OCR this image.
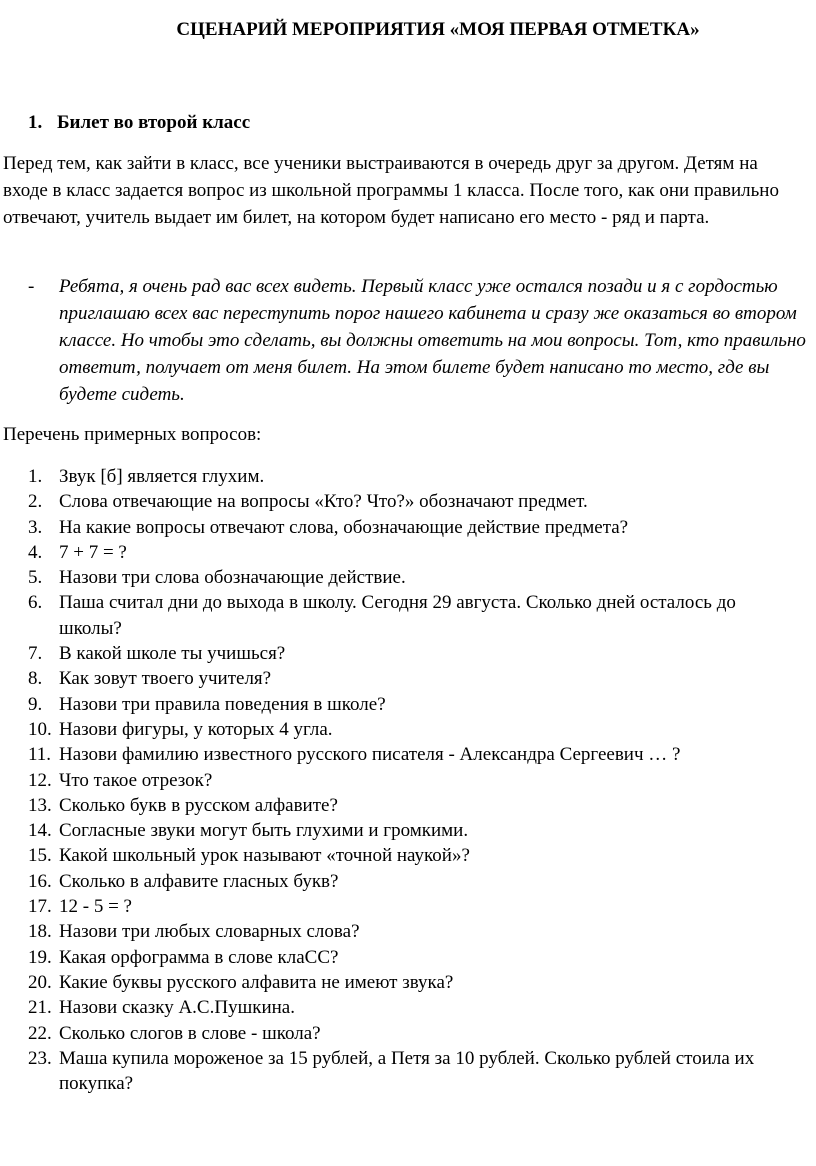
СЦЕНАРИЙ МЕРОПРИЯТИЯ «МОЯ ПЕРВАЯ ОТМЕТКА»
1. Билет во второй класс

Перед тем, как зайти в класс, все ученики выстраиваются в очередь друг за другом. Детям на входе в класс задается вопрос из школьной программы 1 класса. После того, как они правильно отвечают, учитель выдает им билет, на котором будет написано его место - ряд и парта.

-	Ребята, я очень рад вас всех видеть. Первый класс уже остался позади и я с гордостью приглашаю всех вас переступить порог нашего кабинета и сразу же оказаться во втором классе. Но чтобы это сделать, вы должны ответить на мои вопросы. Тот, кто правильно ответит, получает от меня билет. На этом билете будет написано то место, где вы будете сидеть.
Перечень примерных вопросов:
1. Звук [б] является глухим.
2. Слова отвечающие на вопросы «Кто? Что?» обозначают предмет.
3. На какие вопросы отвечают слова, обозначающие действие предмета?
4. 7 + 7 = ?
5. Назови три слова обозначающие действие.
6. Паша считал дни до выхода в школу. Сегодня 29 августа. Сколько дней осталось до школы?
7. В какой школе ты учишься?
8. Как зовут твоего учителя?
9. Назови три правила поведения в школе?
10. Назови фигуры, у которых 4 угла.
11. Назови фамилию известного русского писателя - Александра Сергеевич … ?
12. Что такое отрезок?
13. Сколько букв в русском алфавите?
14. Согласные звуки могут быть глухими и громкими.
15. Какой школьный урок называют «точной наукой»?
16. Сколько в алфавите гласных букв?
17. 12 - 5 = ?
18. Назови три любых словарных слова?
19. Какая орфограмма в слове клаСС?
20. Какие буквы русского алфавита не имеют звука?
21. Назови сказку А.С.Пушкина.
22. Сколько слогов в слове - школа?
23. Маша купила мороженое за 15 рублей, а Петя за 10 рублей. Сколько рублей стоила их покупка?
